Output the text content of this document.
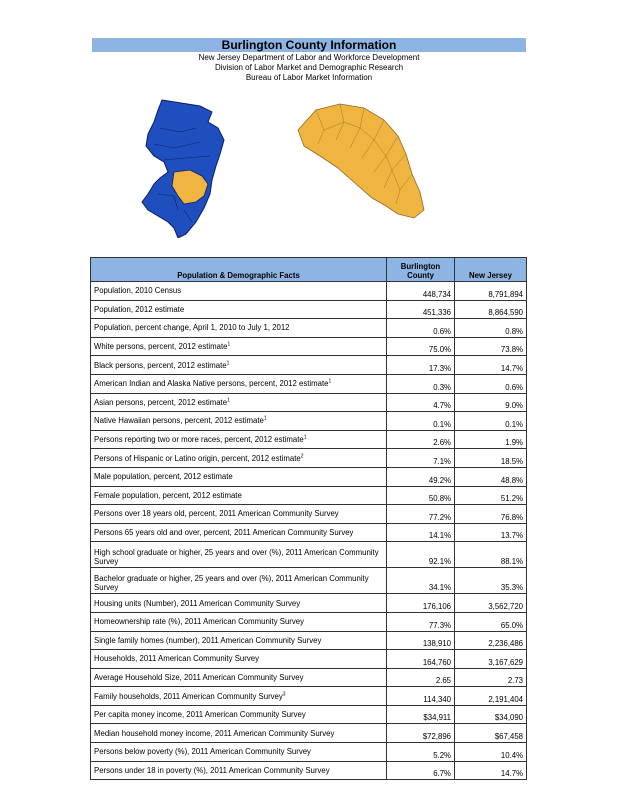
Burlington County Information
New Jersey Department of Labor and Workforce Development
Division of Labor Market and Demographic Research
Bureau of Labor Market Information
Population & Demographic Facts	Burlington County	New Jersey
Population, 2010 Census	448,734	8,791,894
Population, 2012 estimate	451,336	8,864,590
Population, percent change, April 1, 2010 to July 1, 2012	0.6%	0.8%
White persons, percent, 2012 estimate$^1$	75.0%	73.8%
Black persons, percent, 2012 estimate$^1$	17.3%	14.7%
American Indian and Alaska Native persons, percent, 2012 estimate$^1$	0.3%	0.6%
Asian persons, percent, 2012 estimate$^1$	4.7%	9.0%
Native Hawaiian persons, percent, 2012 estimate$^1$	0.1%	0.1%
Persons reporting two or more races, percent, 2012 estimate$^1$	2.6%	1.9%
Persons of Hispanic or Latino origin, percent, 2012 estimate$^2$	7.1%	18.5%
Male population, percent, 2012 estimate	49.2%	48.8%
Female population, percent, 2012 estimate	50.8%	51.2%
Persons over 18 years old, percent, 2011 American Community Survey	77.2%	76.8%
Persons 65 years old and over, percent, 2011 American Community Survey	14.1%	13.7%
High school graduate or higher, 25 years and over (%), 2011 American Community Survey	92.1%	88.1%
Bachelor graduate or higher, 25 years and over (%), 2011 American Community Survey	34.1%	35.3%
Housing units (Number), 2011 American Community Survey	176,106	3,562,720
Homeownership rate (%), 2011 American Community Survey	77.3%	65.0%
Single family homes (number), 2011 American Community Survey	138,910	2,236,486
Households, 2011 American Community Survey	164,760	3,167,629
Average Household Size, 2011 American Community Survey	2.65	2.73
Family households, 2011 American Community Survey$^3$	114,340	2,191,404
Per capita money income, 2011 American Community Survey	$34,911	$34,090
Median household money income, 2011 American Community Survey	$72,896	$67,458
Persons below poverty (%), 2011 American Community Survey	5.2%	10.4%
Persons under 18 in poverty (%), 2011 American Community Survey	6.7%	14.7%
